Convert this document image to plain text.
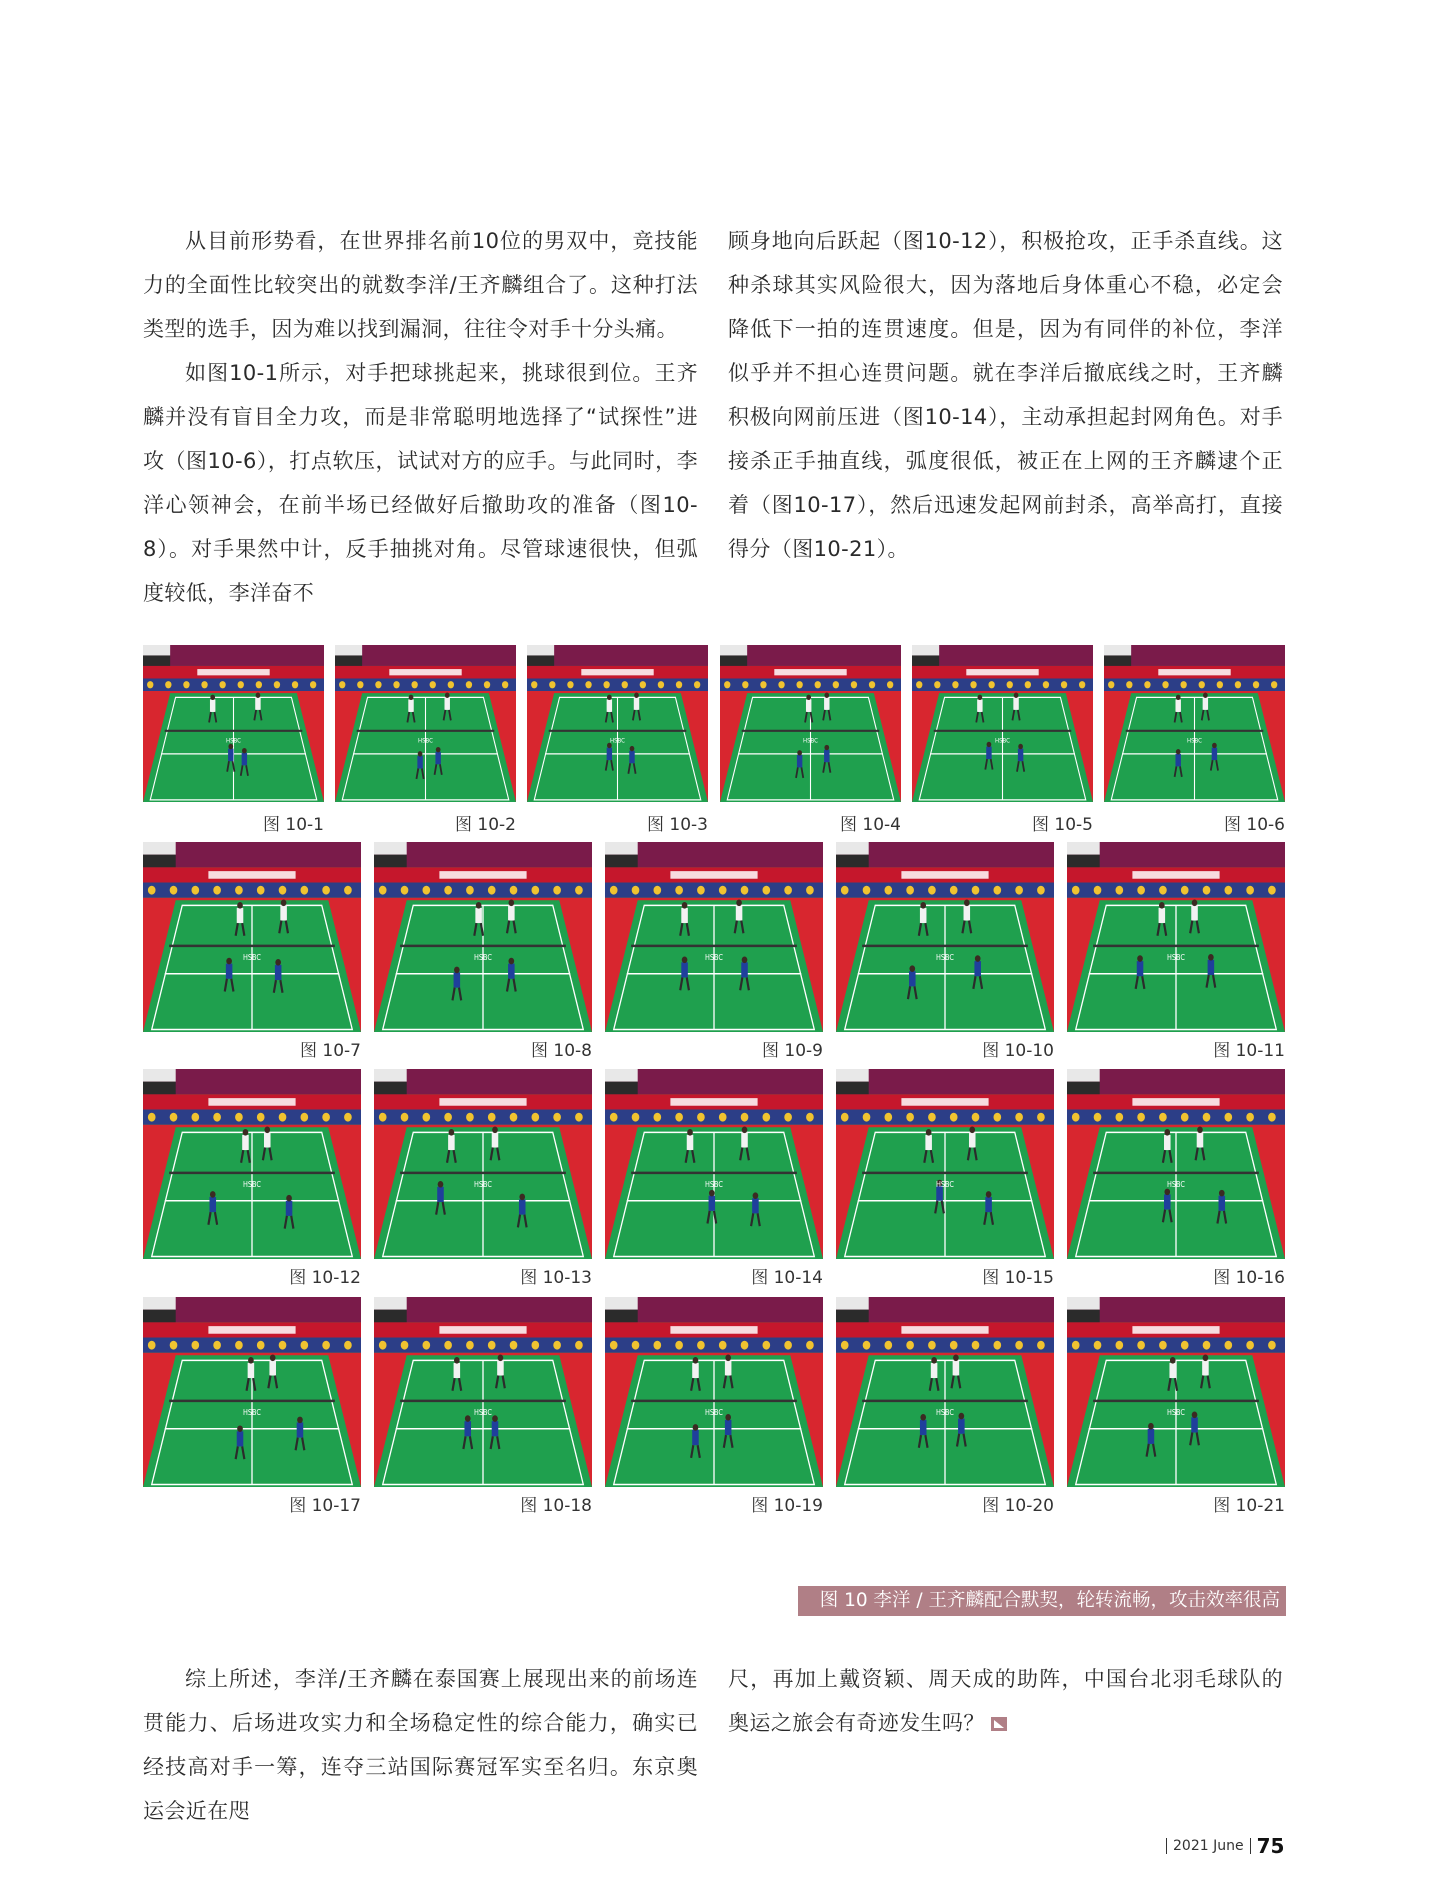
从目前形势看，在世界排名前10位的男双中，竞技能力的全面性比较突出的就数李洋/王齐麟组合了。这种打法类型的选手，因为难以找到漏洞，往往令对手十分头痛。

如图10-1所示，对手把球挑起来，挑球很到位。王齐麟并没有盲目全力攻，而是非常聪明地选择了“试探性”进攻（图10-6），打点软压，试试对方的应手。与此同时，李洋心领神会，在前半场已经做好后撤助攻的准备（图10-8）。对手果然中计，反手抽挑对角。尽管球速很快，但弧度较低，李洋奋不

顾身地向后跃起（图10-12），积极抢攻，正手杀直线。这种杀球其实风险很大，因为落地后身体重心不稳，必定会降低下一拍的连贯速度。但是，因为有同伴的补位，李洋似乎并不担心连贯问题。就在李洋后撤底线之时，王齐麟积极向网前压进（图10-14），主动承担起封网角色。对手接杀正手抽直线，弧度很低，被正在上网的王齐麟逮个正着（图10-17），然后迅速发起网前封杀，高举高打，直接得分（图10-21）。

HSBC
图 10-1
HSBC
图 10-2
HSBC
图 10-3
HSBC
图 10-4
HSBC
图 10-5
HSBC
图 10-6
HSBC
图 10-7
HSBC
图 10-8
HSBC
图 10-9
HSBC
图 10-10
HSBC
图 10-11
HSBC
图 10-12
HSBC
图 10-13
HSBC
图 10-14
HSBC
图 10-15
HSBC
图 10-16
HSBC
图 10-17
HSBC
图 10-18
HSBC
图 10-19
HSBC
图 10-20
HSBC
图 10-21
图 10 李洋 / 王齐麟配合默契，轮转流畅，攻击效率很高

综上所述，李洋/王齐麟在泰国赛上展现出来的前场连贯能力、后场进攻实力和全场稳定性的综合能力，确实已经技高对手一筹，连夺三站国际赛冠军实至名归。东京奥运会近在咫

尺，再加上戴资颖、周天成的助阵，中国台北羽毛球队的奥运之旅会有奇迹发生吗？

2021 June 75
